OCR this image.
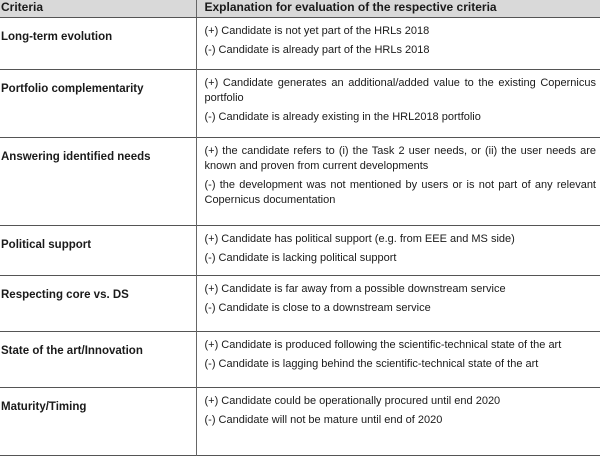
Criteria	Explanation for evaluation of the respective criteria
Long-term evolution	(+) Candidate is not yet part of the HRLs 2018
(-) Candidate is already part of the HRLs 2018

Portfolio complementarity	(+) Candidate generates an additional/added value to the existing Copernicus portfolio
(-) Candidate is already existing in the HRL2018 portfolio

Answering identified needs	(+) the candidate refers to (i) the Task 2 user needs, or (ii) the user needs are known and proven from current developments
(-) the development was not mentioned by users or is not part of any relevant Copernicus documentation

Political support	(+) Candidate has political support (e.g. from EEE and MS side)
(-) Candidate is lacking political support

Respecting core vs. DS	(+) Candidate is far away from a possible downstream service
(-) Candidate is close to a downstream service

State of the art/Innovation	(+) Candidate is produced following the scientific-technical state of the art
(-) Candidate is lagging behind the scientific-technical state of the art

Maturity/Timing	(+) Candidate could be operationally procured until end 2020
(-) Candidate will not be mature until end of 2020
